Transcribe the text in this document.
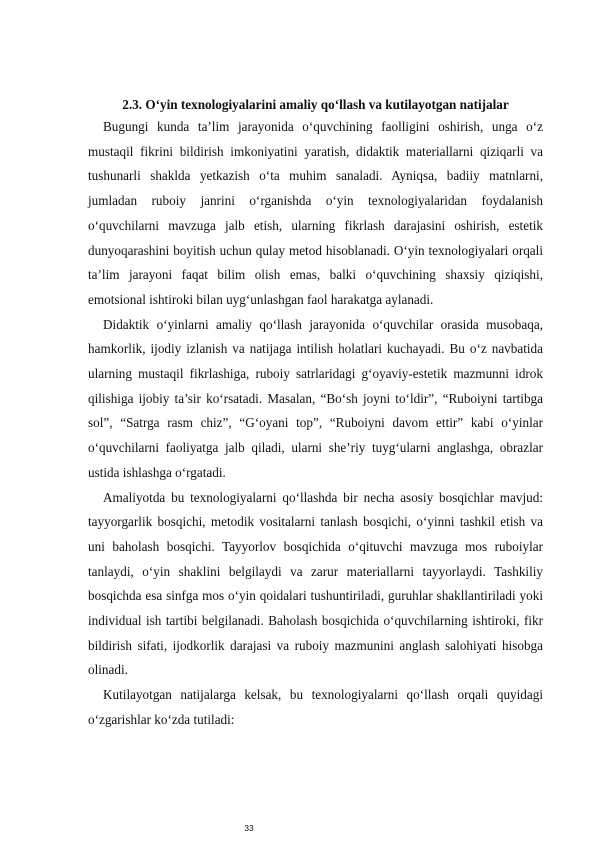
2.3. O‘yin texnologiyalarini amaliy qo‘llash va kutilayotgan natijalar

Bugungi kunda ta’lim jarayonida o‘quvchining faolligini oshirish, unga o‘z mustaqil fikrini bildirish imkoniyatini yaratish, didaktik materiallarni qiziqarli va tushunarli shaklda yetkazish o‘ta muhim sanaladi. Ayniqsa, badiiy matnlarni, jumladan ruboiy janrini o‘rganishda o‘yin texnologiyalaridan foydalanish o‘quvchilarni mavzuga jalb etish, ularning fikrlash darajasini oshirish, estetik dunyoqarashini boyitish uchun qulay metod hisoblanadi. O‘yin texnologiyalari orqali ta’lim jarayoni faqat bilim olish emas, balki o‘quvchining shaxsiy qiziqishi, emotsional ishtiroki bilan uyg‘unlashgan faol harakatga aylanadi.

Didaktik o‘yinlarni amaliy qo‘llash jarayonida o‘quvchilar orasida musobaqa, hamkorlik, ijodiy izlanish va natijaga intilish holatlari kuchayadi. Bu o‘z navbatida ularning mustaqil fikrlashiga, ruboiy satrlaridagi g‘oyaviy-estetik mazmunni idrok qilishiga ijobiy ta’sir ko‘rsatadi. Masalan, “Bo‘sh joyni to‘ldir”, “Ruboiyni tartibga sol”, “Satrga rasm chiz”, “G‘oyani top”, “Ruboiyni davom ettir” kabi o‘yinlar o‘quvchilarni faoliyatga jalb qiladi, ularni she’riy tuyg‘ularni anglashga, obrazlar ustida ishlashga o‘rgatadi.

Amaliyotda bu texnologiyalarni qo‘llashda bir necha asosiy bosqichlar mavjud: tayyorgarlik bosqichi, metodik vositalarni tanlash bosqichi, o‘yinni tashkil etish va uni baholash bosqichi. Tayyorlov bosqichida o‘qituvchi mavzuga mos ruboiylar tanlaydi, o‘yin shaklini belgilaydi va zarur materiallarni tayyorlaydi. Tashkiliy bosqichda esa sinfga mos o‘yin qoidalari tushuntiriladi, guruhlar shakllantiriladi yoki individual ish tartibi belgilanadi. Baholash bosqichida o‘quvchilarning ishtiroki, fikr bildirish sifati, ijodkorlik darajasi va ruboiy mazmunini anglash salohiyati hisobga olinadi.

Kutilayotgan natijalarga kelsak, bu texnologiyalarni qo‘llash orqali quyidagi o‘zgarishlar ko‘zda tutiladi:

33
